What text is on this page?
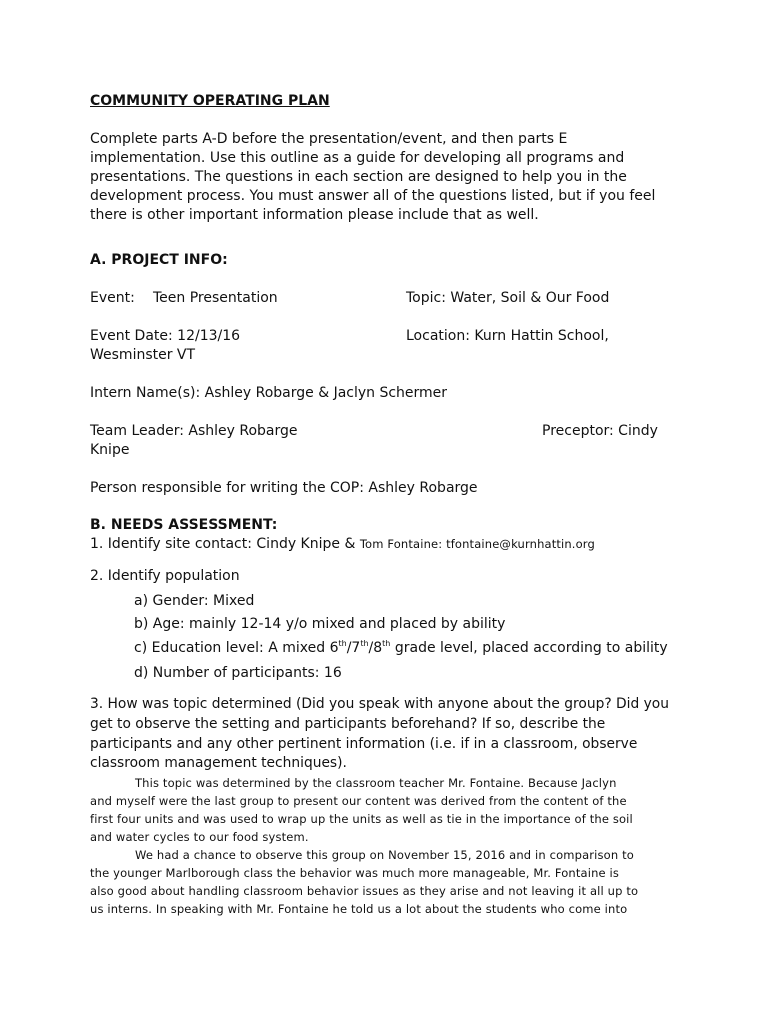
COMMUNITY OPERATING PLAN
Complete parts A-D before the presentation/event, and then parts E
implementation. Use this outline as a guide for developing all programs and
presentations. The questions in each section are designed to help you in the
development process. You must answer all of the questions listed, but if you feel
there is other important information please include that as well.
A. PROJECT INFO:
Event: Teen Presentation	Topic: Water, Soil & Our Food
Event Date: 12/13/16	Location: Kurn Hattin School,
Wesminster VT
Intern Name(s): Ashley Robarge & Jaclyn Schermer
Team Leader: Ashley Robarge	Preceptor: Cindy
Knipe
Person responsible for writing the COP: Ashley Robarge
B. NEEDS ASSESSMENT:
1. Identify site contact: Cindy Knipe & Tom Fontaine: tfontaine@kurnhattin.org
2. Identify population
a) Gender: Mixed
b) Age: mainly 12-14 y/o mixed and placed by ability
c) Education level: A mixed 6th/7th/8th grade level, placed according to ability
d) Number of participants: 16
3. How was topic determined (Did you speak with anyone about the group? Did you
get to observe the setting and participants beforehand? If so, describe the
participants and any other pertinent information (i.e. if in a classroom, observe
classroom management techniques).
This topic was determined by the classroom teacher Mr. Fontaine. Because Jaclyn
and myself were the last group to present our content was derived from the content of the
first four units and was used to wrap up the units as well as tie in the importance of the soil
and water cycles to our food system.
We had a chance to observe this group on November 15, 2016 and in comparison to
the younger Marlborough class the behavior was much more manageable, Mr. Fontaine is
also good about handling classroom behavior issues as they arise and not leaving it all up to
us interns. In speaking with Mr. Fontaine he told us a lot about the students who come into
